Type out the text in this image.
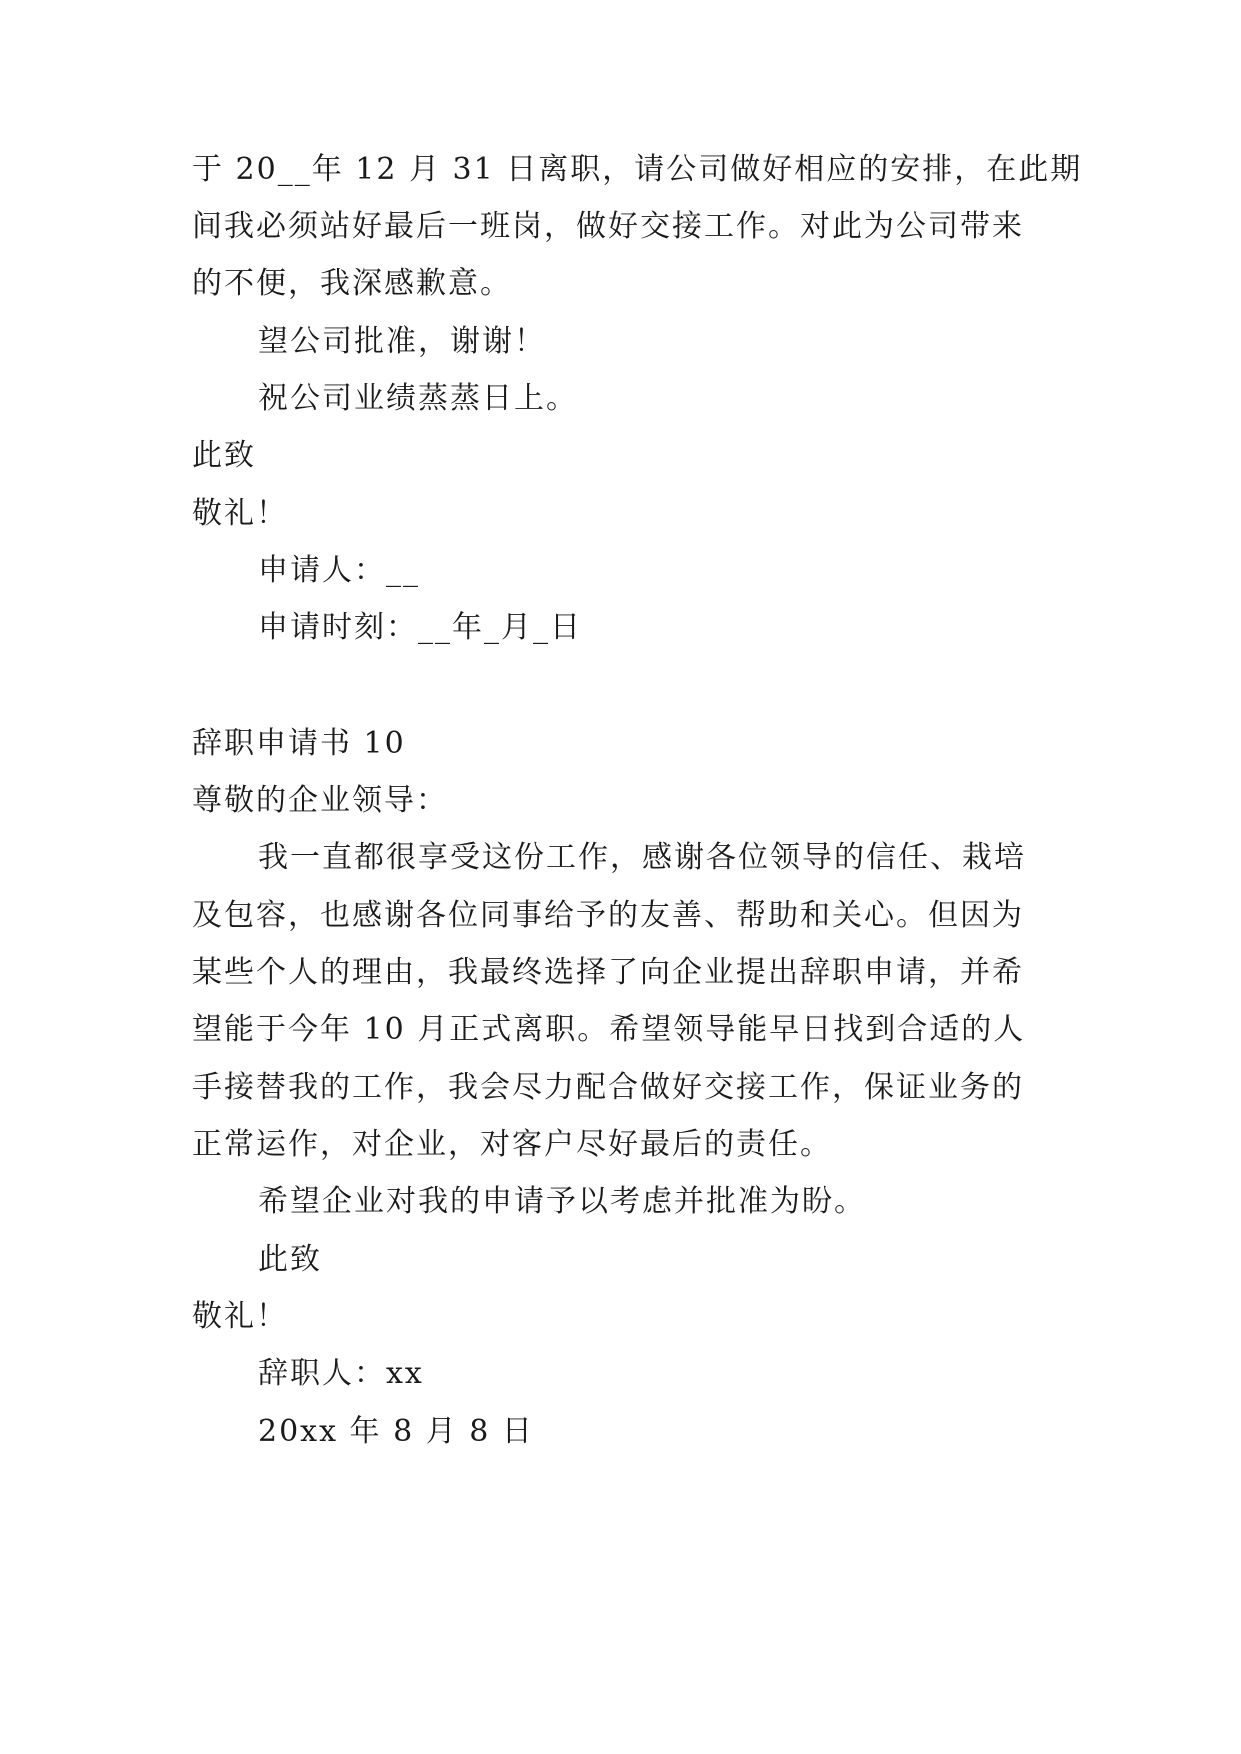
于 20__年 12 月 31 日离职，请公司做好相应的安排，在此期
间我必须站好最后一班岗，做好交接工作。对此为公司带来
的不便，我深感歉意。
望公司批准，谢谢！
祝公司业绩蒸蒸日上。
此致
敬礼！
申请人：__
申请时刻：__年_月_日
辞职申请书 10
尊敬的企业领导：
我一直都很享受这份工作，感谢各位领导的信任、栽培
及包容，也感谢各位同事给予的友善、帮助和关心。但因为
某些个人的理由，我最终选择了向企业提出辞职申请，并希
望能于今年 10 月正式离职。希望领导能早日找到合适的人
手接替我的工作，我会尽力配合做好交接工作，保证业务的
正常运作，对企业，对客户尽好最后的责任。
希望企业对我的申请予以考虑并批准为盼。
此致
敬礼！
辞职人：xx
20xx 年 8 月 8 日
